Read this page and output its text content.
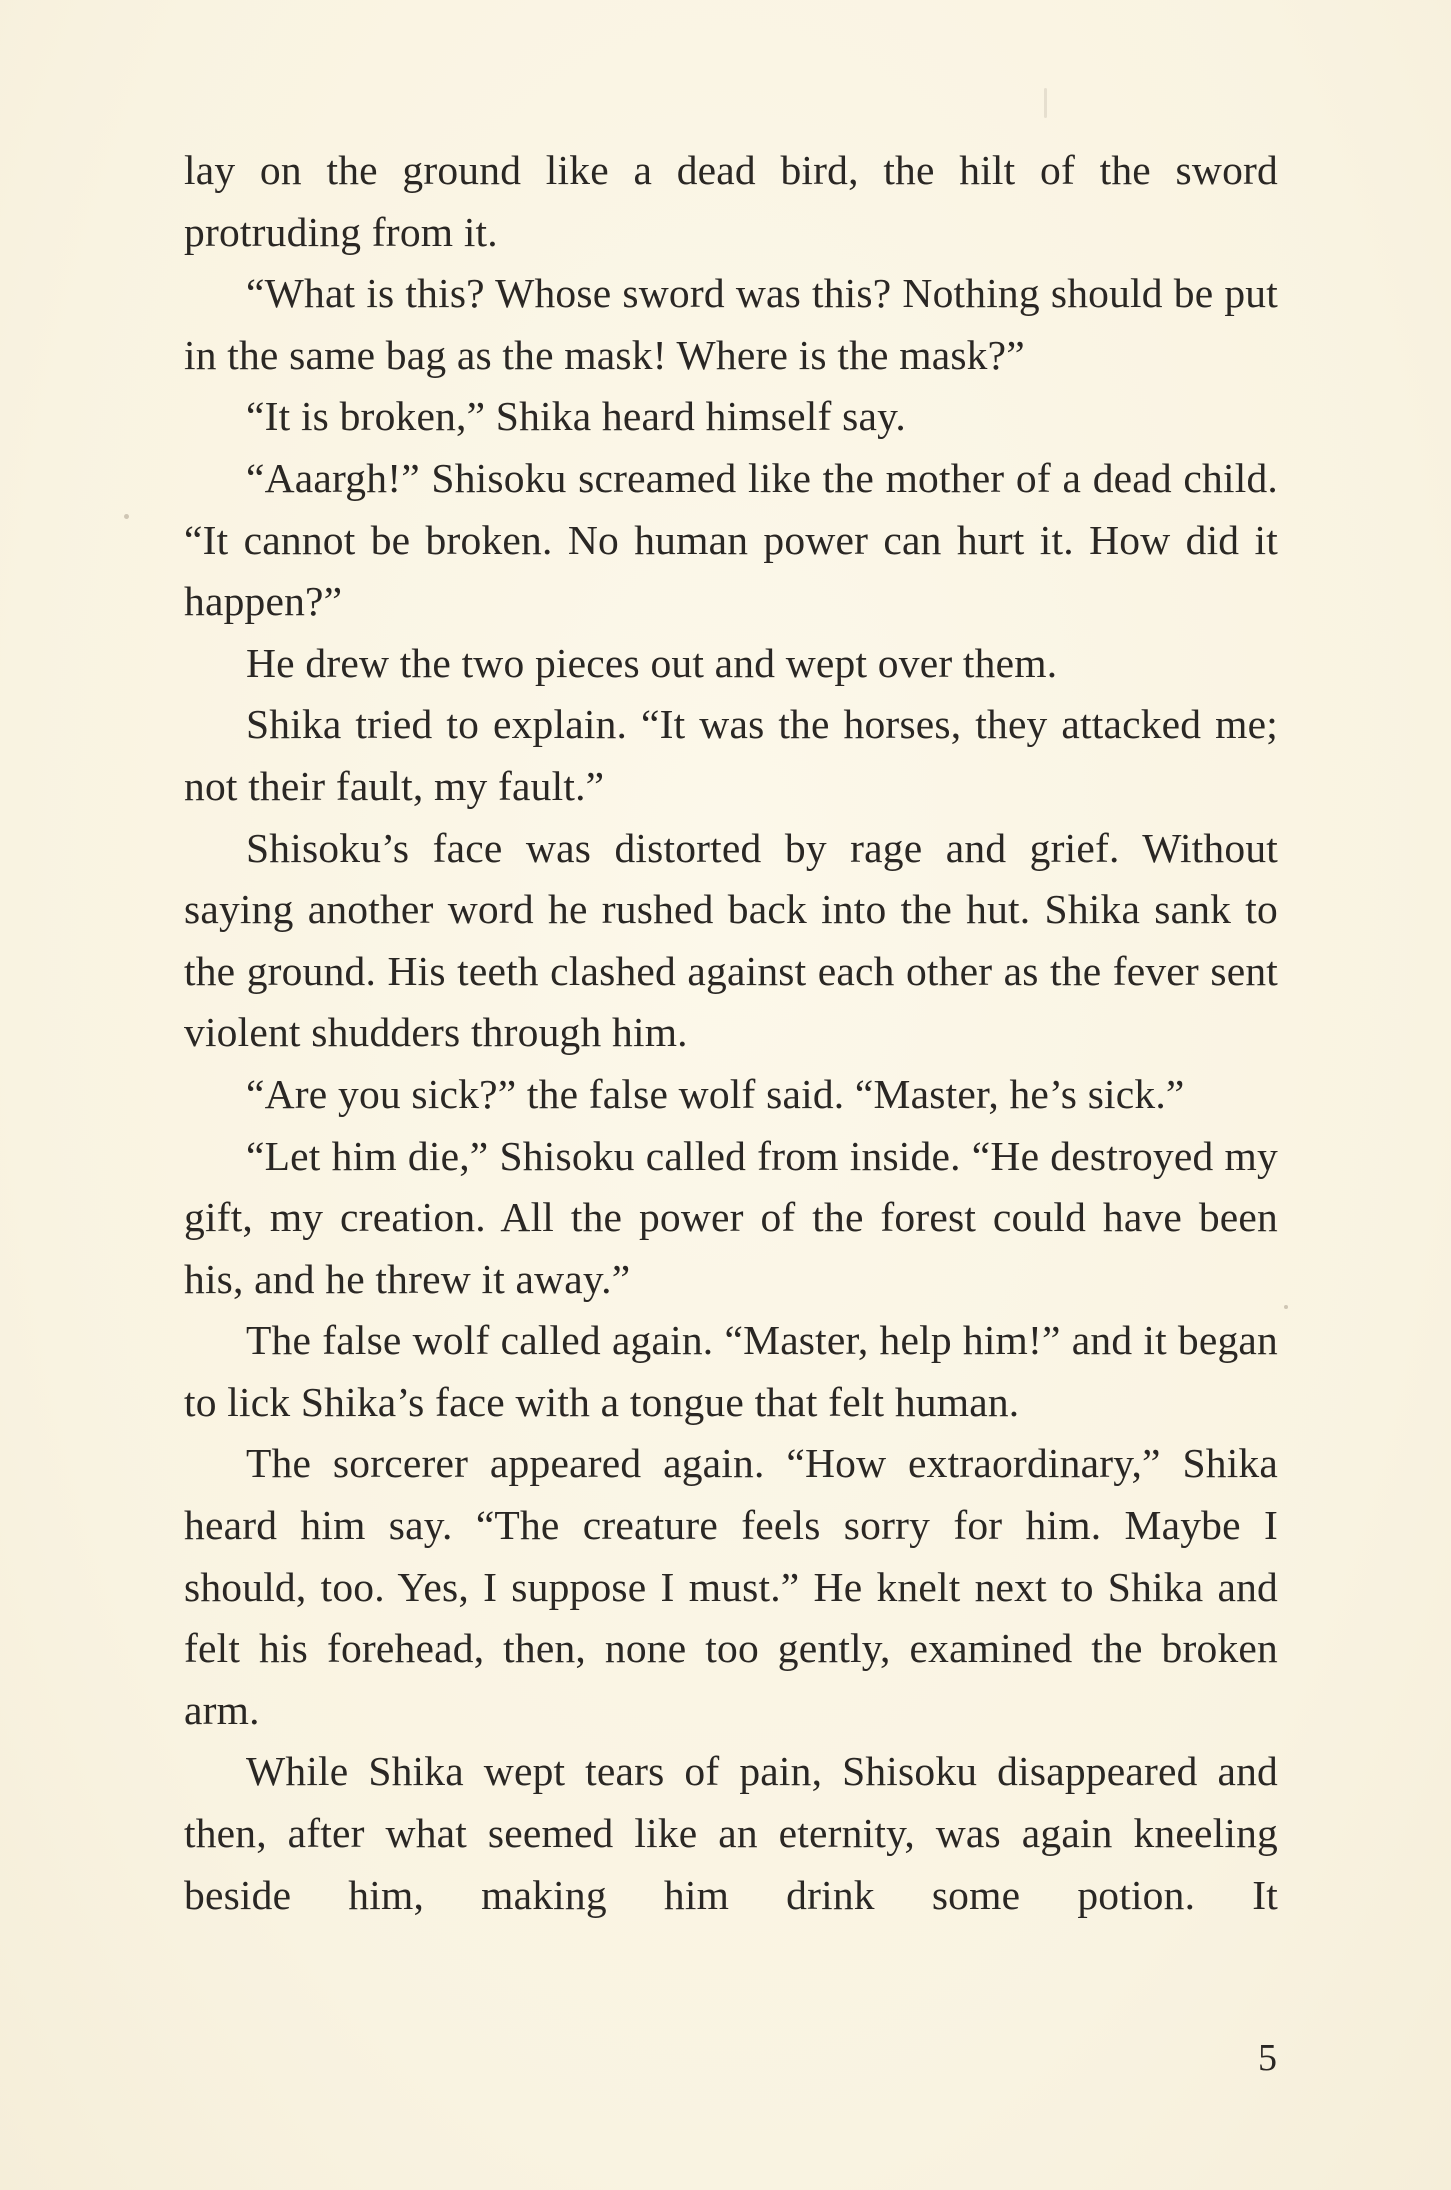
lay on the ground like a dead bird, the hilt of the sword protruding from it.

“What is this? Whose sword was this? Nothing should be put in the same bag as the mask! Where is the mask?”

“It is broken,” Shika heard himself say.

“Aaargh!” Shisoku screamed like the mother of a dead child. “It cannot be broken. No human power can hurt it. How did it happen?”

He drew the two pieces out and wept over them.

Shika tried to explain. “It was the horses, they attacked me; not their fault, my fault.”

Shisoku’s face was distorted by rage and grief. Without saying another word he rushed back into the hut. Shika sank to the ground. His teeth clashed against each other as the fever sent violent shudders through him.

“Are you sick?” the false wolf said. “Master, he’s sick.”

“Let him die,” Shisoku called from inside. “He destroyed my gift, my creation. All the power of the forest could have been his, and he threw it away.”

The false wolf called again. “Master, help him!” and it began to lick Shika’s face with a tongue that felt human.

The sorcerer appeared again. “How extraordinary,” Shika heard him say. “The creature feels sorry for him. Maybe I should, too. Yes, I suppose I must.” He knelt next to Shika and felt his forehead, then, none too gently, examined the broken arm.

While Shika wept tears of pain, Shisoku disappeared and then, after what seemed like an eternity, was again kneeling beside him, making him drink some potion. It

5
